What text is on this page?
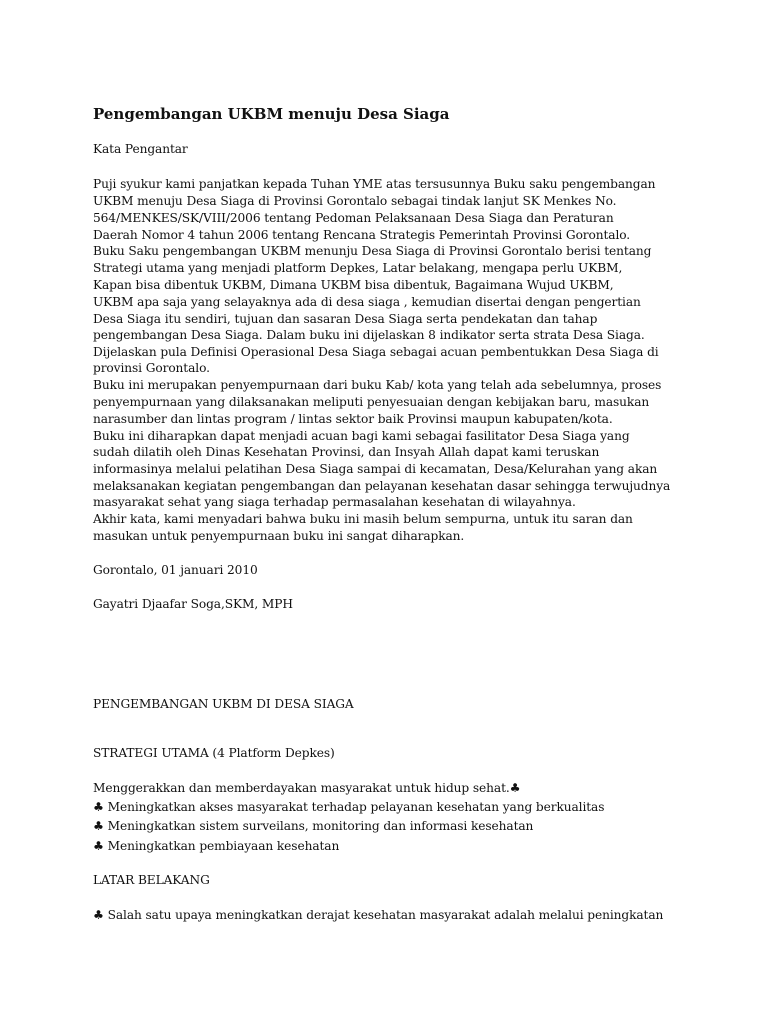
Pengembangan UKBM menuju Desa Siaga
Kata Pengantar
Puji syukur kami panjatkan kepada Tuhan YME atas tersusunnya Buku saku pengembangan
UKBM menuju Desa Siaga di Provinsi Gorontalo sebagai tindak lanjut SK Menkes No.
564/MENKES/SK/VIII/2006 tentang Pedoman Pelaksanaan Desa Siaga dan Peraturan
Daerah Nomor 4 tahun 2006 tentang Rencana Strategis Pemerintah Provinsi Gorontalo.
Buku Saku pengembangan UKBM menunju Desa Siaga di Provinsi Gorontalo berisi tentang
Strategi utama yang menjadi platform Depkes, Latar belakang, mengapa perlu UKBM,
Kapan bisa dibentuk UKBM, Dimana UKBM bisa dibentuk, Bagaimana Wujud UKBM,
UKBM apa saja yang selayaknya ada di desa siaga , kemudian disertai dengan pengertian
Desa Siaga itu sendiri, tujuan dan sasaran Desa Siaga serta pendekatan dan tahap
pengembangan Desa Siaga. Dalam buku ini dijelaskan 8 indikator serta strata Desa Siaga.
Dijelaskan pula Definisi Operasional Desa Siaga sebagai acuan pembentukkan Desa Siaga di
provinsi Gorontalo.
Buku ini merupakan penyempurnaan dari buku Kab/ kota yang telah ada sebelumnya, proses
penyempurnaan yang dilaksanakan meliputi penyesuaian dengan kebijakan baru, masukan
narasumber dan lintas program / lintas sektor baik Provinsi maupun kabupaten/kota.
Buku ini diharapkan dapat menjadi acuan bagi kami sebagai fasilitator Desa Siaga yang
sudah dilatih oleh Dinas Kesehatan Provinsi, dan Insyah Allah dapat kami teruskan
informasinya melalui pelatihan Desa Siaga sampai di kecamatan, Desa/Kelurahan yang akan
melaksanakan kegiatan pengembangan dan pelayanan kesehatan dasar sehingga terwujudnya
masyarakat sehat yang siaga terhadap permasalahan kesehatan di wilayahnya.
Akhir kata, kami menyadari bahwa buku ini masih belum sempurna, untuk itu saran dan
masukan untuk penyempurnaan buku ini sangat diharapkan.
Gorontalo, 01 januari 2010
Gayatri Djaafar Soga,SKM, MPH
PENGEMBANGAN UKBM DI DESA SIAGA
STRATEGI UTAMA (4 Platform Depkes)
Menggerakkan dan memberdayakan masyarakat untuk hidup sehat.♣
♣ Meningkatkan akses masyarakat terhadap pelayanan kesehatan yang berkualitas
♣ Meningkatkan sistem surveilans, monitoring dan informasi kesehatan
♣ Meningkatkan pembiayaan kesehatan
LATAR BELAKANG
♣ Salah satu upaya meningkatkan derajat kesehatan masyarakat adalah melalui peningkatan
